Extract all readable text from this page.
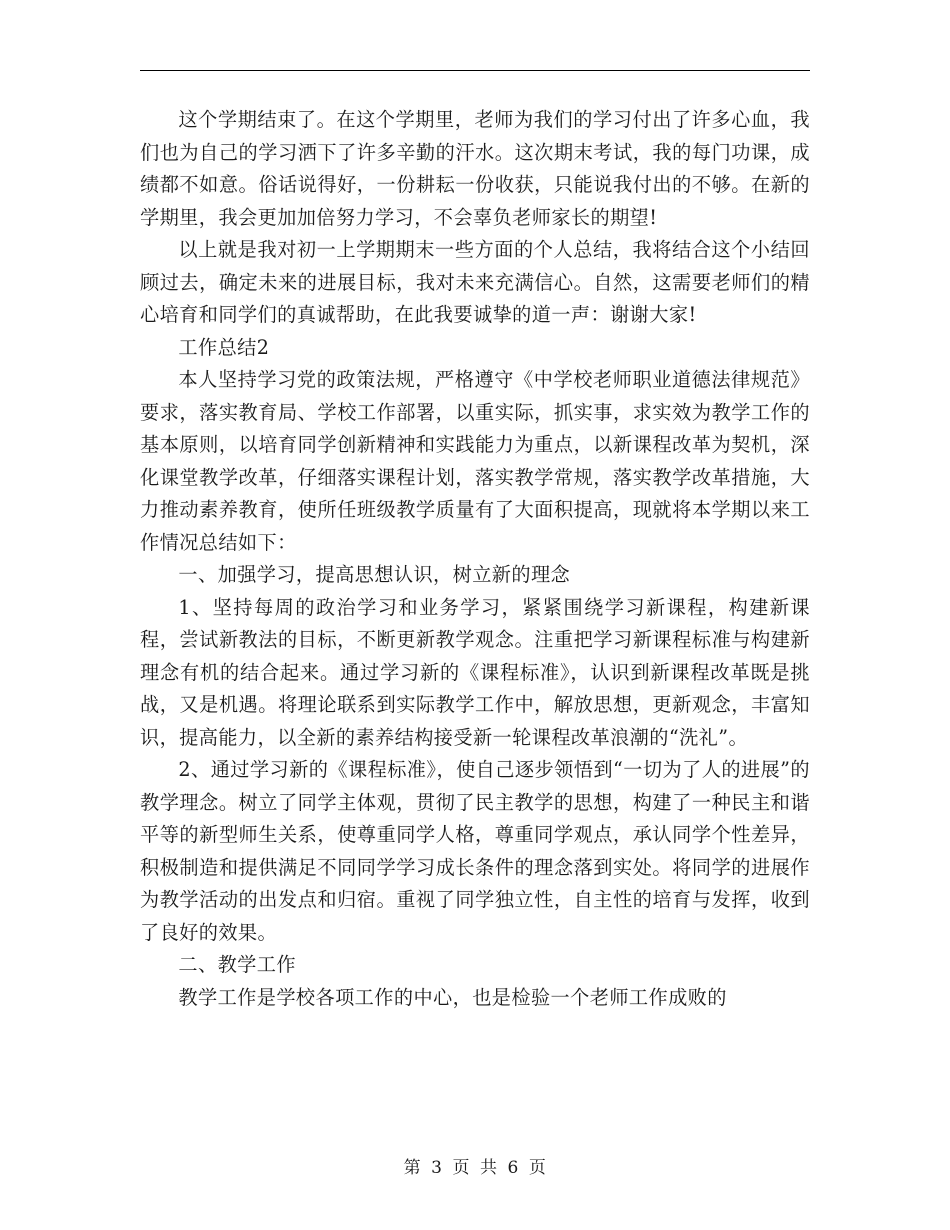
这个学期结束了。在这个学期里，老师为我们的学习付出了许多心血，我们也为自己的学习洒下了许多辛勤的汗水。这次期末考试，我的每门功课，成绩都不如意。俗话说得好，一份耕耘一份收获，只能说我付出的不够。在新的学期里，我会更加加倍努力学习，不会辜负老师家长的期望!

以上就是我对初一上学期期末一些方面的个人总结，我将结合这个小结回顾过去，确定未来的进展目标，我对未来充满信心。自然，这需要老师们的精心培育和同学们的真诚帮助，在此我要诚挚的道一声：谢谢大家!

工作总结2

本人坚持学习党的政策法规，严格遵守《中学校老师职业道德法律规范》要求，落实教育局、学校工作部署，以重实际，抓实事，求实效为教学工作的基本原则，以培育同学创新精神和实践能力为重点，以新课程改革为契机，深化课堂教学改革，仔细落实课程计划，落实教学常规，落实教学改革措施，大力推动素养教育，使所任班级教学质量有了大面积提高，现就将本学期以来工作情况总结如下：

一、加强学习，提高思想认识，树立新的理念

1、坚持每周的政治学习和业务学习，紧紧围绕学习新课程，构建新课程，尝试新教法的目标，不断更新教学观念。注重把学习新课程标准与构建新理念有机的结合起来。通过学习新的《课程标准》，认识到新课程改革既是挑战，又是机遇。将理论联系到实际教学工作中，解放思想，更新观念，丰富知识，提高能力，以全新的素养结构接受新一轮课程改革浪潮的“洗礼”。

2、通过学习新的《课程标准》，使自己逐步领悟到“一切为了人的进展”的教学理念。树立了同学主体观，贯彻了民主教学的思想，构建了一种民主和谐平等的新型师生关系，使尊重同学人格，尊重同学观点，承认同学个性差异，积极制造和提供满足不同同学学习成长条件的理念落到实处。将同学的进展作为教学活动的出发点和归宿。重视了同学独立性，自主性的培育与发挥，收到了良好的效果。

二、教学工作

教学工作是学校各项工作的中心，也是检验一个老师工作成败的

第 3 页 共 6 页
